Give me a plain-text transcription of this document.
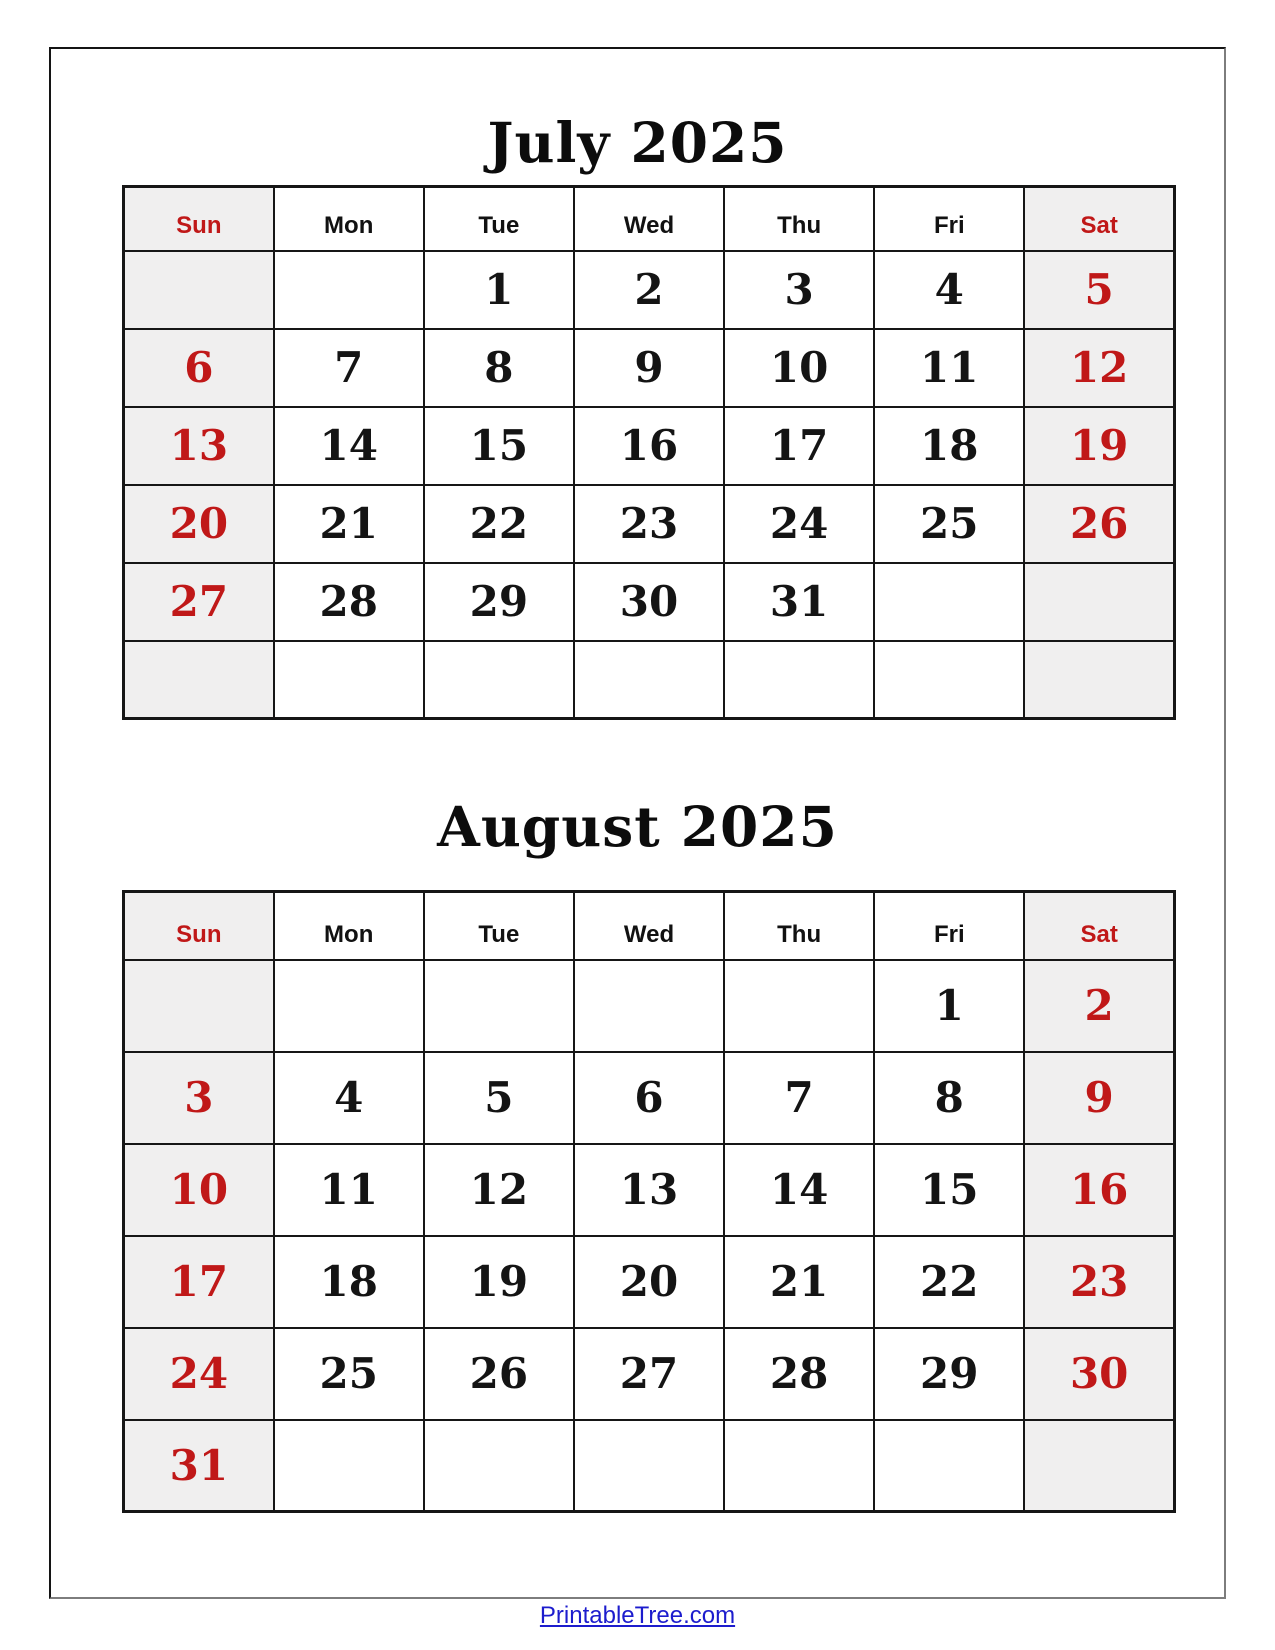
July 2025
Sun	Mon	Tue	Wed	Thu	Fri	Sat
		1	2	3	4	5
6	7	8	9	10	11	12
13	14	15	16	17	18	19
20	21	22	23	24	25	26
27	28	29	30	31		

August 2025
Sun	Mon	Tue	Wed	Thu	Fri	Sat
					1	2
3	4	5	6	7	8	9
10	11	12	13	14	15	16
17	18	19	20	21	22	23
24	25	26	27	28	29	30
31						
PrintableTree.com
